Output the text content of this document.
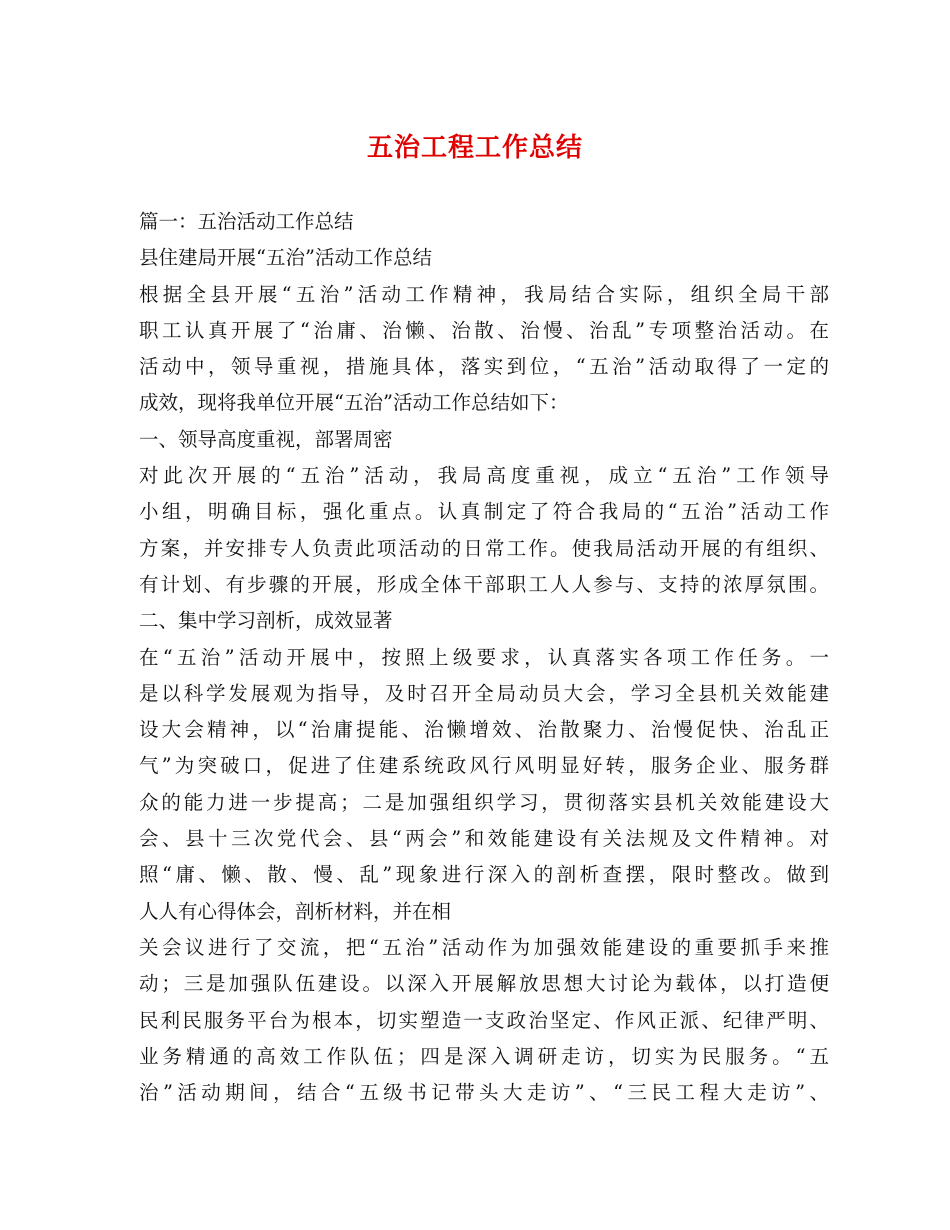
五治工程工作总结
篇一：五治活动工作总结
县住建局开展“五治”活动工作总结
根据全县开展“五治”活动工作精神，我局结合实际，组织全局干部
职工认真开展了“治庸、治懒、治散、治慢、治乱”专项整治活动。在
活动中，领导重视，措施具体，落实到位，“五治”活动取得了一定的
成效，现将我单位开展“五治”活动工作总结如下：
一、领导高度重视，部署周密
对此次开展的“五治”活动，我局高度重视，成立“五治”工作领导
小组，明确目标，强化重点。认真制定了符合我局的“五治”活动工作
方案，并安排专人负责此项活动的日常工作。使我局活动开展的有组织、
有计划、有步骤的开展，形成全体干部职工人人参与、支持的浓厚氛围。
二、集中学习剖析，成效显著
在“五治”活动开展中，按照上级要求，认真落实各项工作任务。一
是以科学发展观为指导，及时召开全局动员大会，学习全县机关效能建
设大会精神，以“治庸提能、治懒增效、治散聚力、治慢促快、治乱正
气”为突破口，促进了住建系统政风行风明显好转，服务企业、服务群
众的能力进一步提高；二是加强组织学习，贯彻落实县机关效能建设大
会、县十三次党代会、县“两会”和效能建设有关法规及文件精神。对
照“庸、懒、散、慢、乱”现象进行深入的剖析查摆，限时整改。做到
人人有心得体会，剖析材料，并在相
关会议进行了交流，把“五治”活动作为加强效能建设的重要抓手来推
动；三是加强队伍建设。以深入开展解放思想大讨论为载体，以打造便
民利民服务平台为根本，切实塑造一支政治坚定、作风正派、纪律严明、
业务精通的高效工作队伍；四是深入调研走访，切实为民服务。“五
治”活动期间，结合“五级书记带头大走访”、“三民工程大走访”、
